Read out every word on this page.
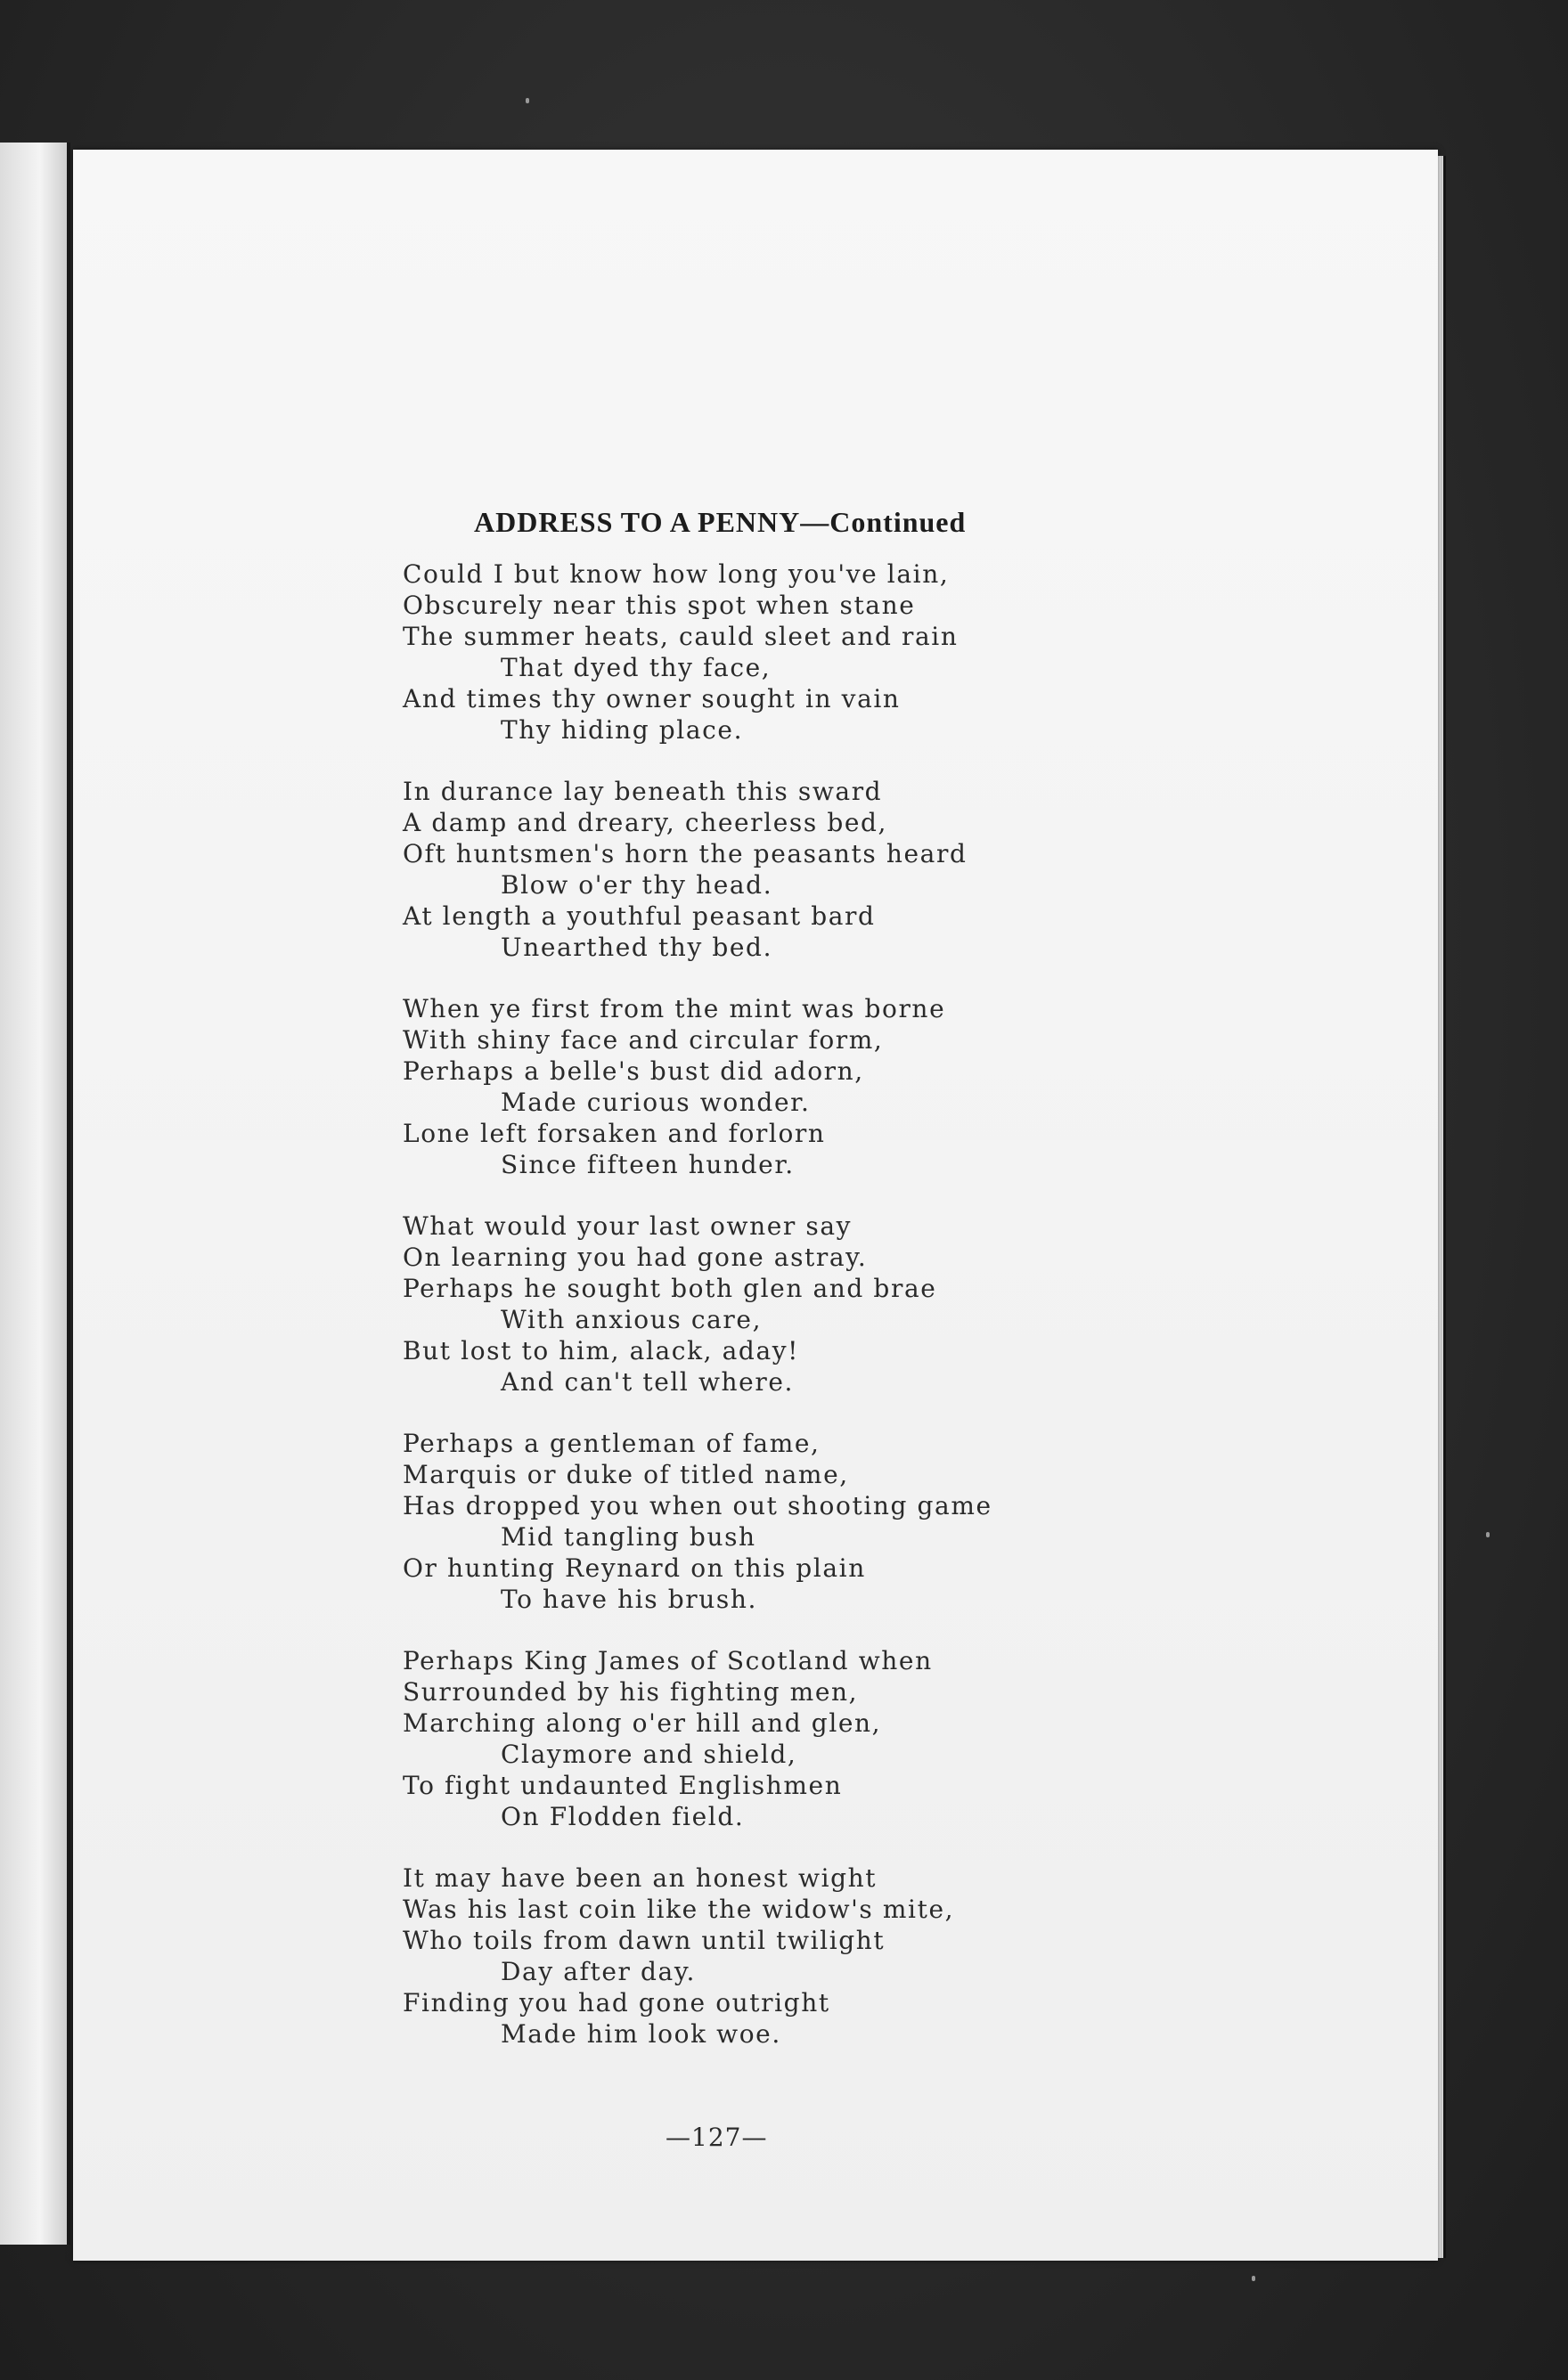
ADDRESS TO A PENNY—Continued
Could I but know how long you've lain,
Obscurely near this spot when stane
The summer heats, cauld sleet and rain
That dyed thy face,
And times thy owner sought in vain
Thy hiding place.
In durance lay beneath this sward
A damp and dreary, cheerless bed,
Oft huntsmen's horn the peasants heard
Blow o'er thy head.
At length a youthful peasant bard
Unearthed thy bed.
When ye first from the mint was borne
With shiny face and circular form,
Perhaps a belle's bust did adorn,
Made curious wonder.
Lone left forsaken and forlorn
Since fifteen hunder.
What would your last owner say
On learning you had gone astray.
Perhaps he sought both glen and brae
With anxious care,
But lost to him, alack, aday!
And can't tell where.
Perhaps a gentleman of fame,
Marquis or duke of titled name,
Has dropped you when out shooting game
Mid tangling bush
Or hunting Reynard on this plain
To have his brush.
Perhaps King James of Scotland when
Surrounded by his fighting men,
Marching along o'er hill and glen,
Claymore and shield,
To fight undaunted Englishmen
On Flodden field.
It may have been an honest wight
Was his last coin like the widow's mite,
Who toils from dawn until twilight
Day after day.
Finding you had gone outright
Made him look woe.
—127—
